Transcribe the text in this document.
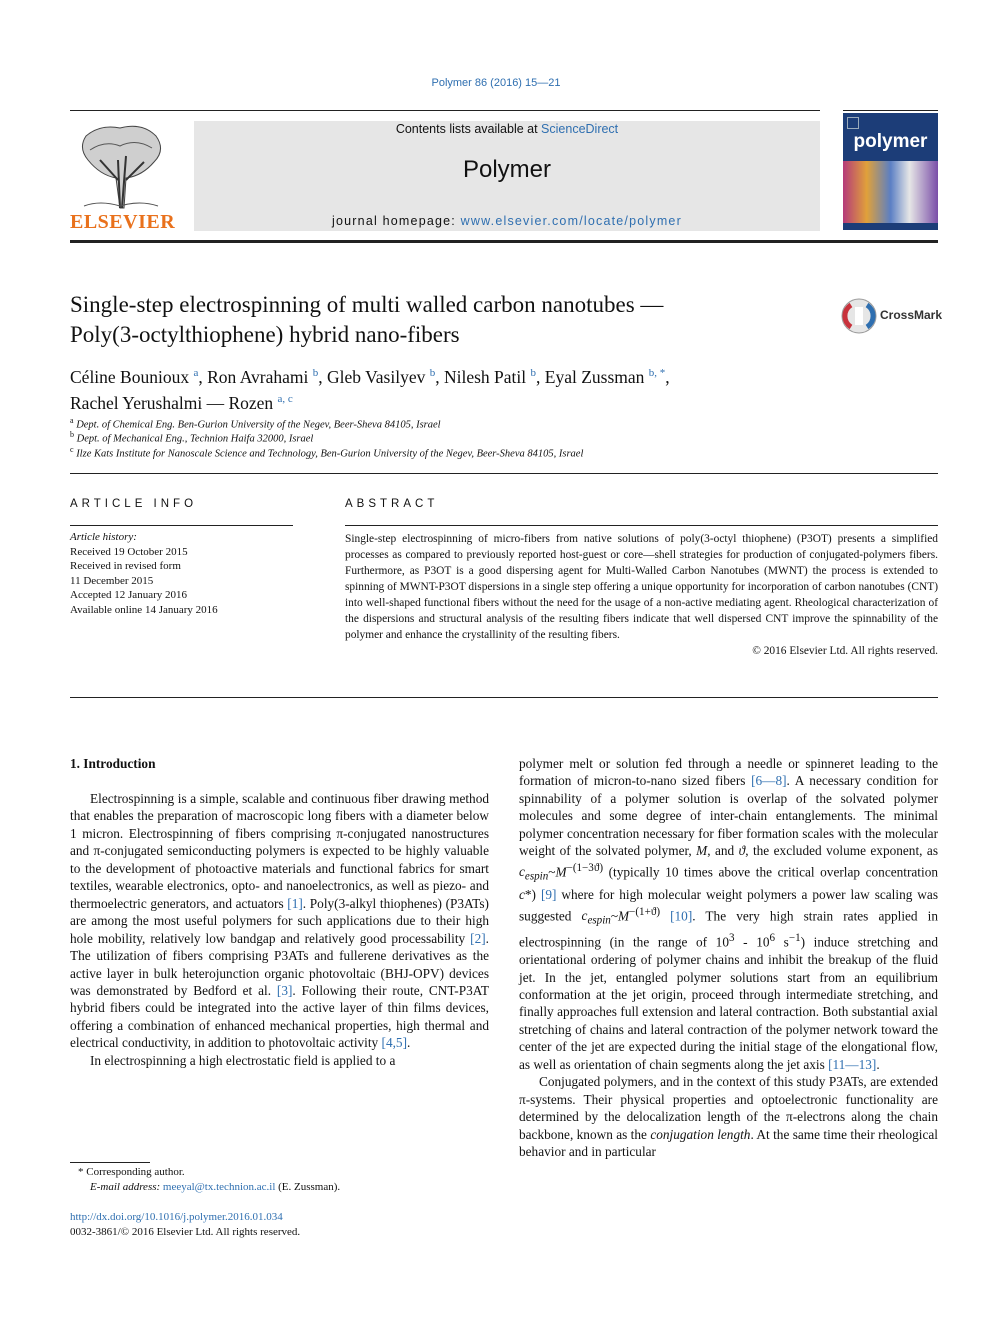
Polymer 86 (2016) 15—21
ELSEVIER
Contents lists available at ScienceDirect
Polymer
journal homepage: www.elsevier.com/locate/polymer
polymer
Single-step electrospinning of multi walled carbon nanotubes —
Poly(3-octylthiophene) hybrid nano-fibers
CrossMark
Céline Bounioux $^a$, Ron Avrahami $^b$, Gleb Vasilyev $^b$, Nilesh Patil $^b$, Eyal Zussman $^{b, *}$,
Rachel Yerushalmi — Rozen $^{a, c}$
$^a$ Dept. of Chemical Eng. Ben-Gurion University of the Negev, Beer-Sheva 84105, Israel
$^b$ Dept. of Mechanical Eng., Technion Haifa 32000, Israel
$^c$ Ilze Kats Institute for Nanoscale Science and Technology, Ben-Gurion University of the Negev, Beer-Sheva 84105, Israel
ARTICLE INFO
Article history:
Received 19 October 2015
Received in revised form
11 December 2015
Accepted 12 January 2016
Available online 14 January 2016
ABSTRACT
Single-step electrospinning of micro-fibers from native solutions of poly(3-octyl thiophene) (P3OT) presents a simplified processes as compared to previously reported host-guest or core—shell strategies for production of conjugated-polymers fibers. Furthermore, as P3OT is a good dispersing agent for Multi-Walled Carbon Nanotubes (MWNT) the process is extended to spinning of MWNT-P3OT dispersions in a single step offering a unique opportunity for incorporation of carbon nanotubes (CNT) into well-shaped functional fibers without the need for the usage of a non-active mediating agent. Rheological characterization of the dispersions and structural analysis of the resulting fibers indicate that well dispersed CNT improve the spinnability of the polymer and enhance the crystallinity of the resulting fibers.
© 2016 Elsevier Ltd. All rights reserved.
1. Introduction

Electrospinning is a simple, scalable and continuous fiber drawing method that enables the preparation of macroscopic long fibers with a diameter below 1 micron. Electrospinning of fibers comprising π-conjugated nanostructures and π-conjugated semiconducting polymers is expected to be highly valuable to the development of photoactive materials and functional fabrics for smart textiles, wearable electronics, opto- and nanoelectronics, as well as piezo- and thermoelectric generators, and actuators [1]. Poly(3-alkyl thiophenes) (P3ATs) are among the most useful polymers for such applications due to their high hole mobility, relatively low bandgap and relatively good processability [2]. The utilization of fibers comprising P3ATs and fullerene derivatives as the active layer in bulk heterojunction organic photovoltaic (BHJ-OPV) devices was demonstrated by Bedford et al. [3]. Following their route, CNT-P3AT hybrid fibers could be integrated into the active layer of thin films devices, offering a combination of enhanced mechanical properties, high thermal and electrical conductivity, in addition to photovoltaic activity [4,5].

In electrospinning a high electrostatic field is applied to a

polymer melt or solution fed through a needle or spinneret leading to the formation of micron-to-nano sized fibers [6—8]. A necessary condition for spinnability of a polymer solution is overlap of the solvated polymer molecules and some degree of inter-chain entanglements. The minimal polymer concentration necessary for fiber formation scales with the molecular weight of the solvated polymer, M, and ϑ, the excluded volume exponent, as $c_{espin}\sim M^{-(1-3ϑ)}$ (typically 10 times above the critical overlap concentration c*) [9] where for high molecular weight polymers a power law scaling was suggested $c_{espin}\sim M^{-(1+ϑ)}$ [10]. The very high strain rates applied in electrospinning (in the range of $10^3 - 10^6$ $s^{-1}$) induce stretching and orientational ordering of polymer chains and inhibit the breakup of the fluid jet. In the jet, entangled polymer solutions start from an equilibrium conformation at the jet origin, proceed through intermediate stretching, and finally approaches full extension and lateral contraction. Both substantial axial stretching of chains and lateral contraction of the polymer network toward the center of the jet are expected during the initial stage of the elongational flow, as well as orientation of chain segments along the jet axis [11—13].

Conjugated polymers, and in the context of this study P3ATs, are extended π-systems. Their physical properties and optoelectronic functionality are determined by the delocalization length of the π-electrons along the chain backbone, known as the conjugation length. At the same time their rheological behavior and in particular

* Corresponding author.
E-mail address: meeyal@tx.technion.ac.il (E. Zussman).
http://dx.doi.org/10.1016/j.polymer.2016.01.034
0032-3861/© 2016 Elsevier Ltd. All rights reserved.
